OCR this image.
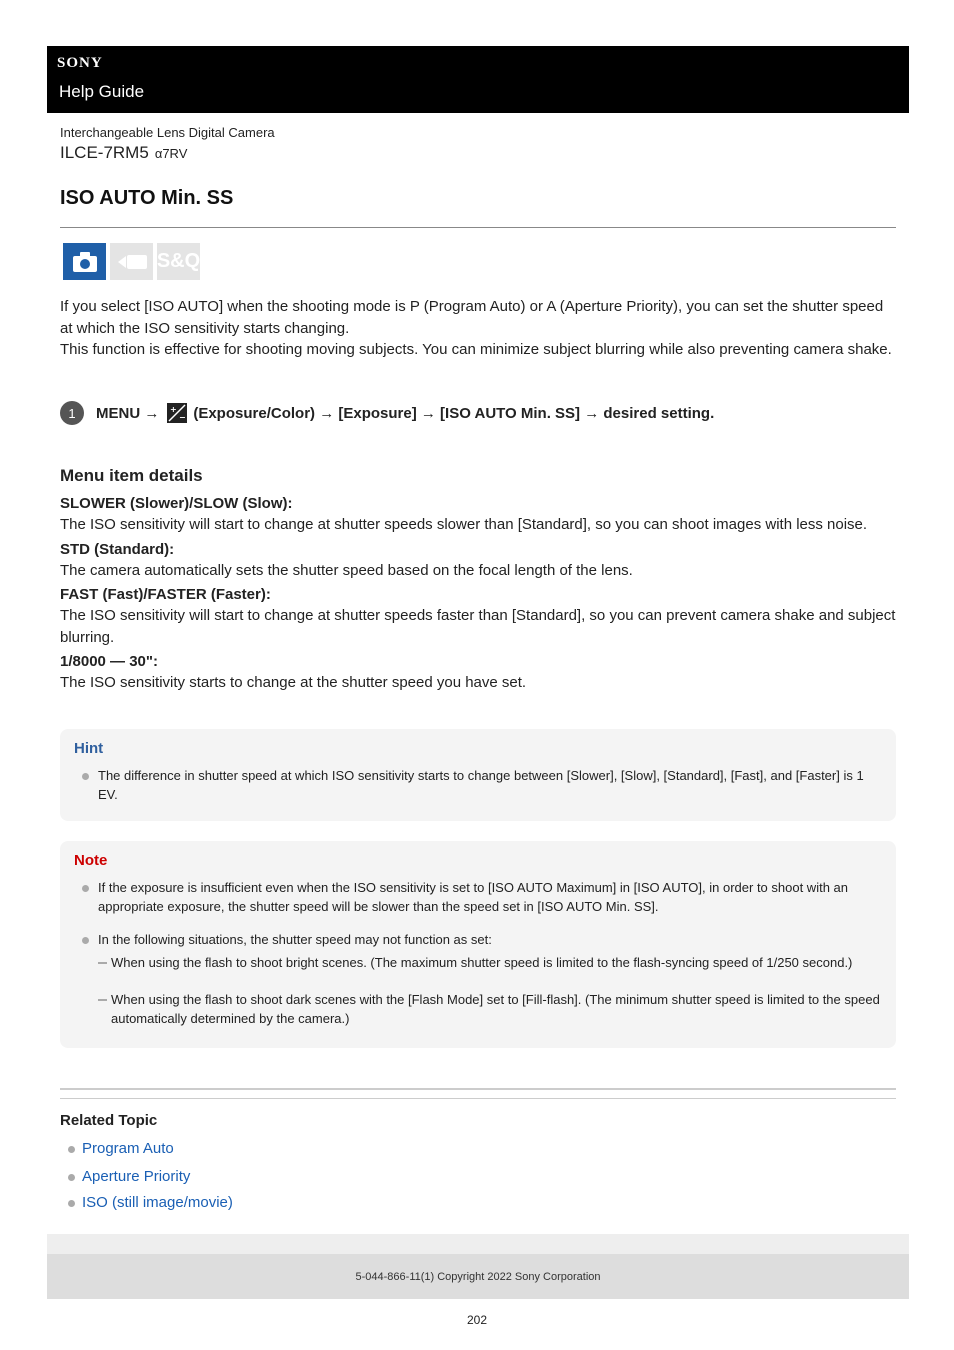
SONY
Help Guide
Interchangeable Lens Digital Camera
ILCE-7RM5 α7RV
ISO AUTO Min. SS
S&Q

If you select [ISO AUTO] when the shooting mode is P (Program Auto) or A (Aperture Priority), you can set the shutter speed at which the ISO sensitivity starts changing.

This function is effective for shooting moving subjects. You can minimize subject blurring while also preventing camera shake.

1	MENU → +
− (Exposure/Color) → [Exposure] → [ISO AUTO Min. SS] → desired setting.
Menu item details
SLOWER (Slower)/SLOW (Slow):
The ISO sensitivity will start to change at shutter speeds slower than [Standard], so you can shoot images with less noise.
STD (Standard):
The camera automatically sets the shutter speed based on the focal length of the lens.
FAST (Fast)/FASTER (Faster):
The ISO sensitivity will start to change at shutter speeds faster than [Standard], so you can prevent camera shake and subject blurring.
1/8000 — 30":
The ISO sensitivity starts to change at the shutter speed you have set.
Hint
The difference in shutter speed at which ISO sensitivity starts to change between [Slower], [Slow], [Standard], [Fast], and [Faster] is 1 EV.
Note
If the exposure is insufficient even when the ISO sensitivity is set to [ISO AUTO Maximum] in [ISO AUTO], in order to shoot with an appropriate exposure, the shutter speed will be slower than the speed set in [ISO AUTO Min. SS].
In the following situations, the shutter speed may not function as set:
When using the flash to shoot bright scenes. (The maximum shutter speed is limited to the flash-syncing speed of 1/250 second.)
When using the flash to shoot dark scenes with the [Flash Mode] set to [Fill-flash]. (The minimum shutter speed is limited to the speed automatically determined by the camera.)
Related Topic
Program Auto
Aperture Priority
ISO (still image/movie)
5-044-866-11(1) Copyright 2022 Sony Corporation
202
